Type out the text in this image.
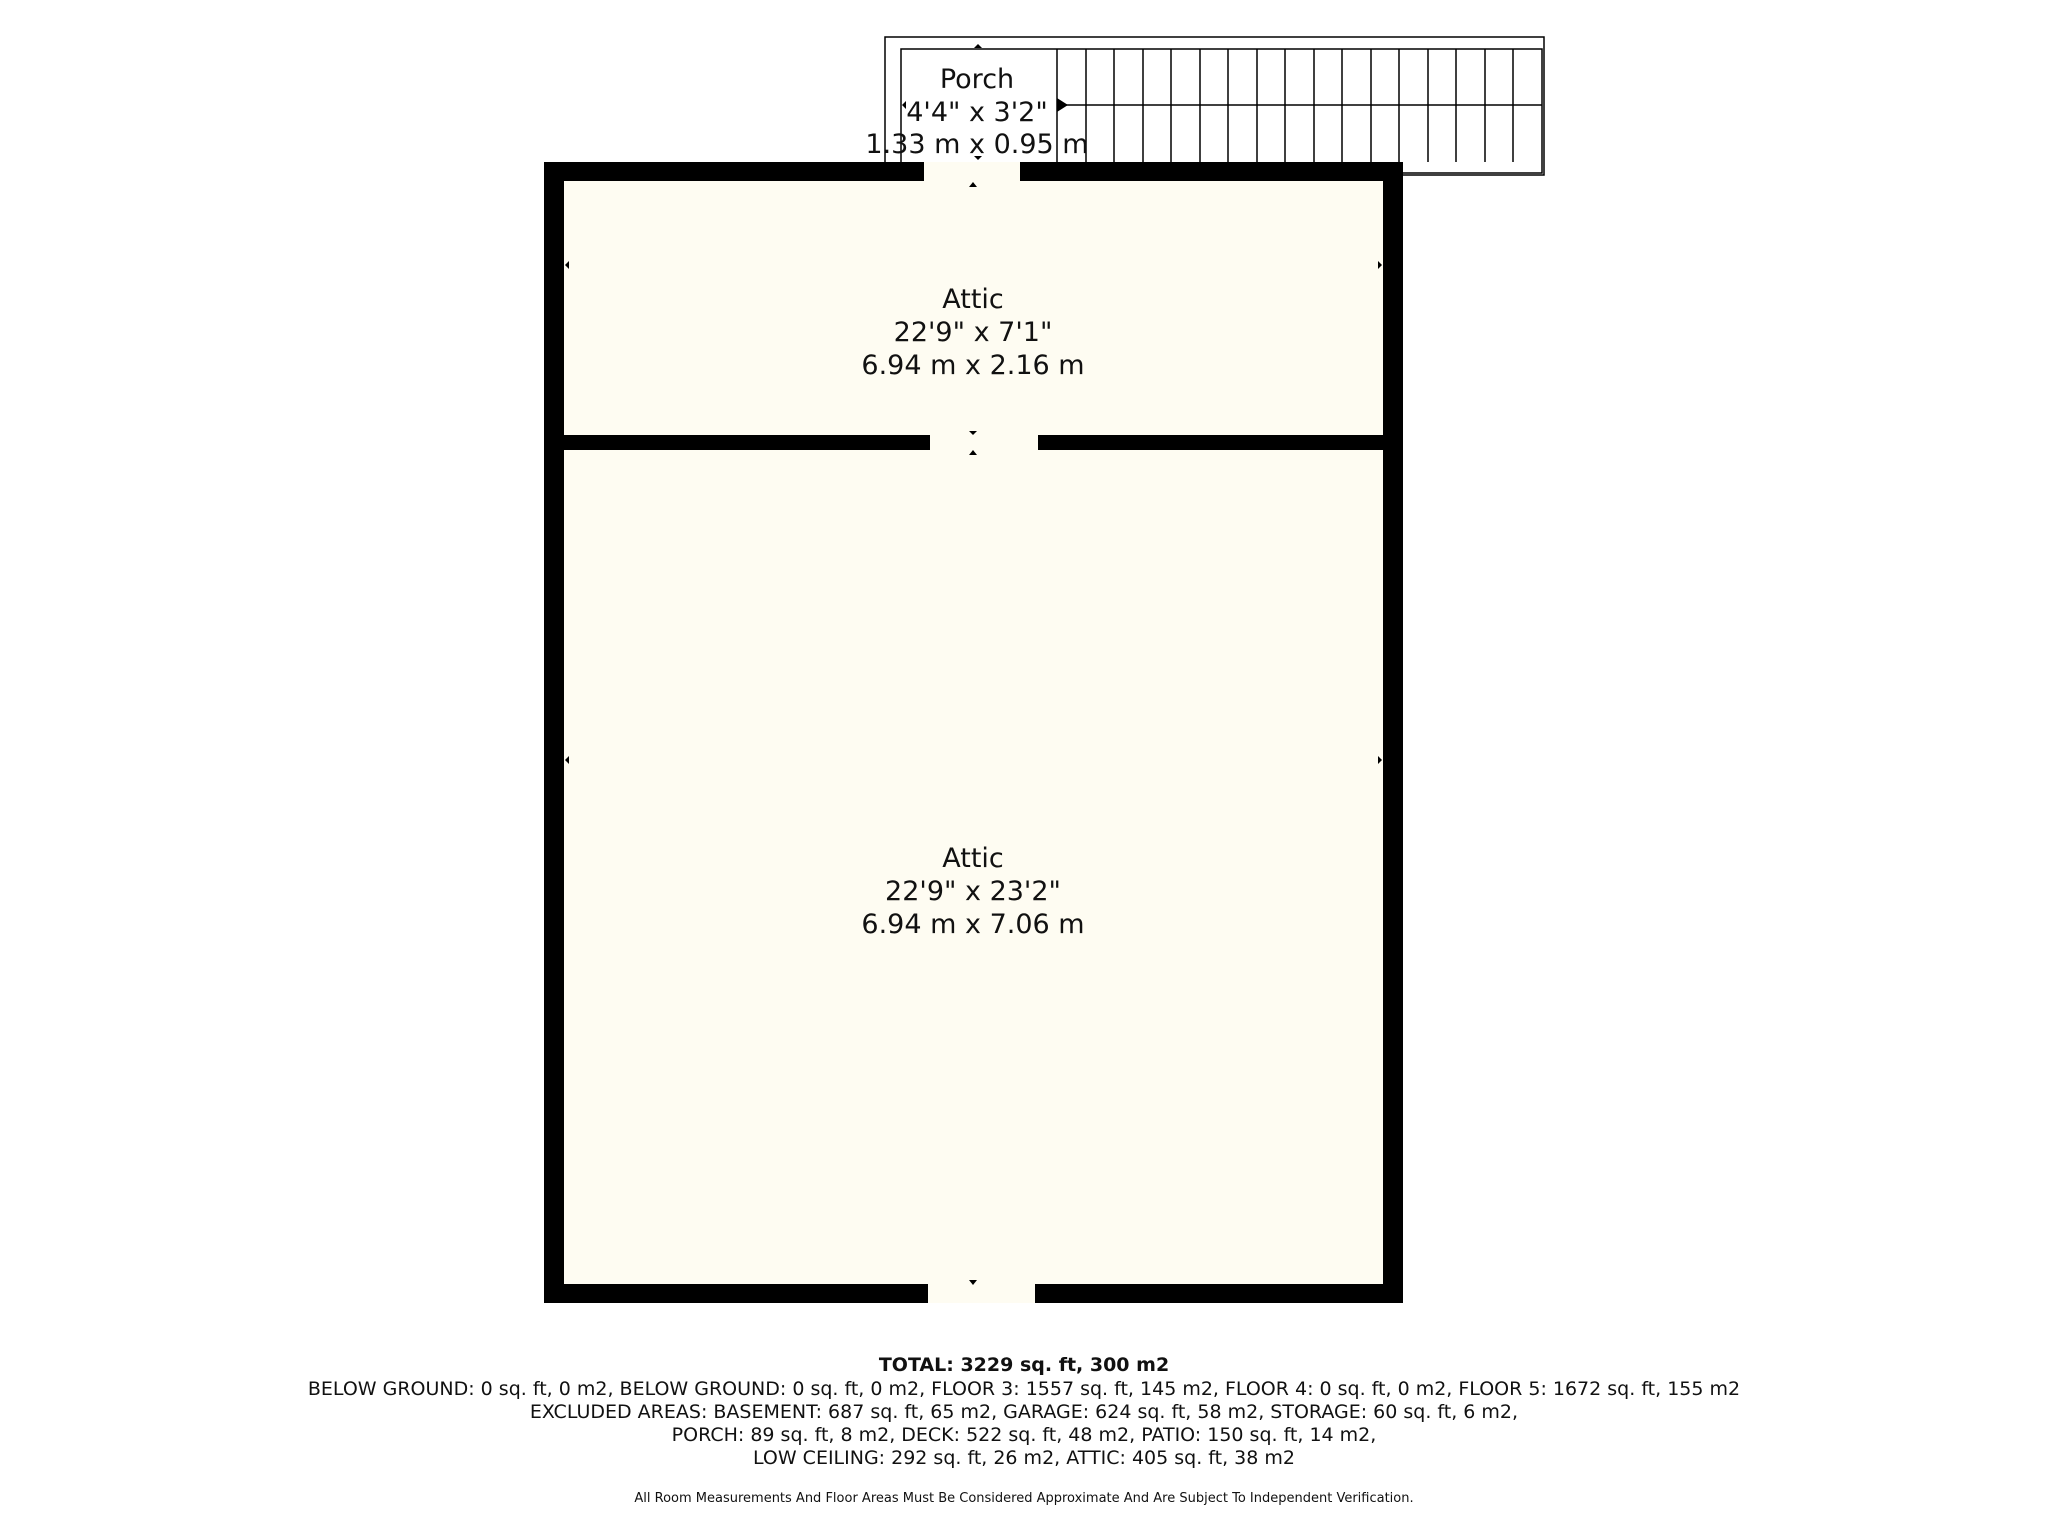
Porch
4'4" x 3'2"
1.33 m x 0.95 m
Attic
22'9" x 7'1"
6.94 m x 2.16 m
Attic
22'9" x 23'2"
6.94 m x 7.06 m
TOTAL: 3229 sq. ft, 300 m2
BELOW GROUND: 0 sq. ft, 0 m2, BELOW GROUND: 0 sq. ft, 0 m2, FLOOR 3: 1557 sq. ft, 145 m2, FLOOR 4: 0 sq. ft, 0 m2, FLOOR 5: 1672 sq. ft, 155 m2
EXCLUDED AREAS: BASEMENT: 687 sq. ft, 65 m2, GARAGE: 624 sq. ft, 58 m2, STORAGE: 60 sq. ft, 6 m2,
PORCH: 89 sq. ft, 8 m2, DECK: 522 sq. ft, 48 m2, PATIO: 150 sq. ft, 14 m2,
LOW CEILING: 292 sq. ft, 26 m2, ATTIC: 405 sq. ft, 38 m2
All Room Measurements And Floor Areas Must Be Considered Approximate And Are Subject To Independent Verification.
